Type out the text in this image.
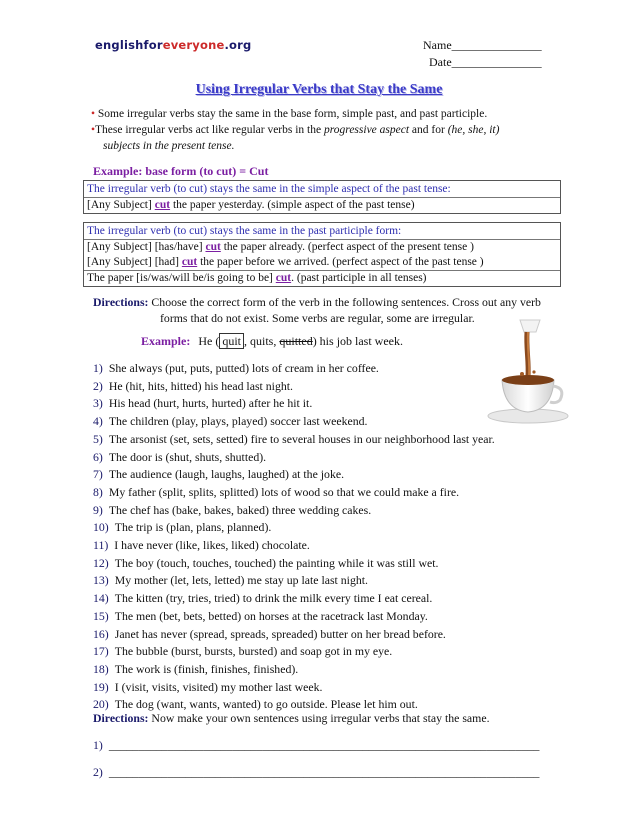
englishforeveryone.org	Name_______________
Date_______________
Using Irregular Verbs that Stay the Same
• Some irregular verbs stay the same in the base form, simple past, and past participle.
•These irregular verbs act like regular verbs in the progressive aspect and for (he, she, it)
subjects in the present tense.
Example: base form (to cut) = Cut
The irregular verb (to cut) stays the same in the simple aspect of the past tense:
[Any Subject] cut the paper yesterday. (simple aspect of the past tense)
The irregular verb (to cut) stays the same in the past participle form:
[Any Subject] [has/have] cut the paper already. (perfect aspect of the present tense )
[Any Subject] [had] cut the paper before we arrived. (perfect aspect of the past tense )
The paper [is/was/will be/is going to be] cut. (past participle in all tenses)
Directions: Choose the correct form of the verb in the following sentences. Cross out any verb
forms that do not exist. Some verbs are regular, some are irregular.
Example: He ( quit , quits, quitted) his job last week.
1) She always (put, puts, putted) lots of cream in her coffee.
2) He (hit, hits, hitted) his head last night.
3) His head (hurt, hurts, hurted) after he hit it.
4) The children (play, plays, played) soccer last weekend.
5) The arsonist (set, sets, setted) fire to several houses in our neighborhood last year.
6) The door is (shut, shuts, shutted).
7) The audience (laugh, laughs, laughed) at the joke.
8) My father (split, splits, splitted) lots of wood so that we could make a fire.
9) The chef has (bake, bakes, baked) three wedding cakes.
10) The trip is (plan, plans, planned).
11) I have never (like, likes, liked) chocolate.
12) The boy (touch, touches, touched) the painting while it was still wet.
13) My mother (let, lets, letted) me stay up late last night.
14) The kitten (try, tries, tried) to drink the milk every time I eat cereal.
15) The men (bet, bets, betted) on horses at the racetrack last Monday.
16) Janet has never (spread, spreads, spreaded) butter on her bread before.
17) The bubble (burst, bursts, bursted) and soap got in my eye.
18) The work is (finish, finishes, finished).
19) I (visit, visits, visited) my mother last week.
20) The dog (want, wants, wanted) to go outside. Please let him out.
Directions: Now make your own sentences using irregular verbs that stay the same.
1) _________________________________________________________________________
2) _________________________________________________________________________
